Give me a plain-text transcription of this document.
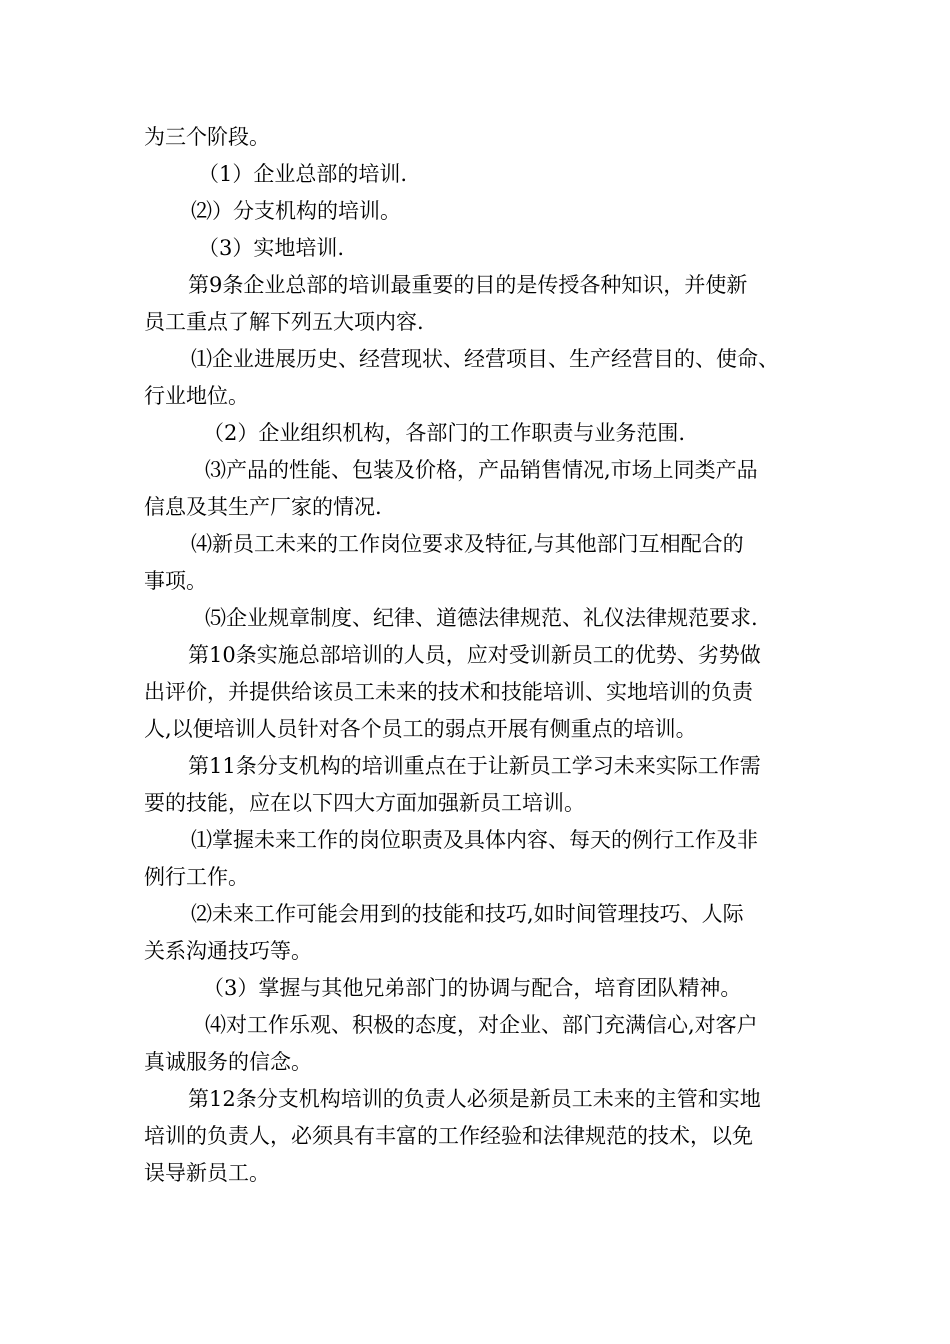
为三个阶段。

（1）企业总部的培训.

⑵）分支机构的培训。

（3）实地培训.

第9条企业总部的培训最重要的目的是传授各种知识，并使新

员工重点了解下列五大项内容.

⑴企业进展历史、经营现状、经营项目、生产经营目的、使命、

行业地位。

（2）企业组织机构，各部门的工作职责与业务范围.

⑶产品的性能、包装及价格，产品销售情况,市场上同类产品

信息及其生产厂家的情况.

⑷新员工未来的工作岗位要求及特征,与其他部门互相配合的

事项。

⑸企业规章制度、纪律、道德法律规范、礼仪法律规范要求.

第10条实施总部培训的人员，应对受训新员工的优势、劣势做

出评价，并提供给该员工未来的技术和技能培训、实地培训的负责

人,以便培训人员针对各个员工的弱点开展有侧重点的培训。

第11条分支机构的培训重点在于让新员工学习未来实际工作需

要的技能，应在以下四大方面加强新员工培训。

⑴掌握未来工作的岗位职责及具体内容、每天的例行工作及非

例行工作。

⑵未来工作可能会用到的技能和技巧,如时间管理技巧、人际

关系沟通技巧等。

（3）掌握与其他兄弟部门的协调与配合，培育团队精神。

⑷对工作乐观、积极的态度，对企业、部门充满信心,对客户

真诚服务的信念。

第12条分支机构培训的负责人必须是新员工未来的主管和实地

培训的负责人，必须具有丰富的工作经验和法律规范的技术，以免

误导新员工。
